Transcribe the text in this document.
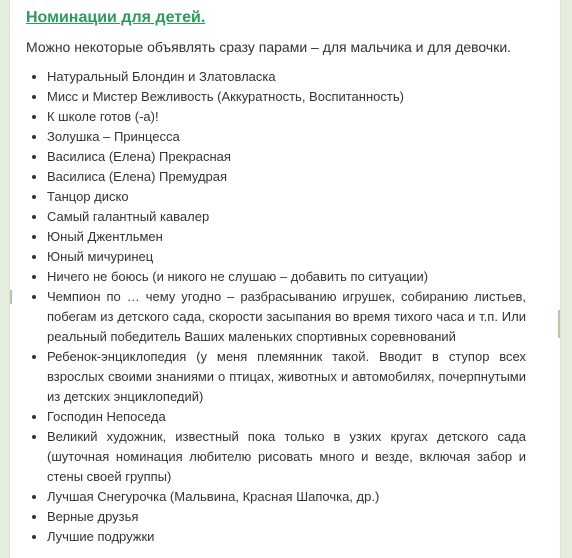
Номинации для детей.

Можно некоторые объявлять сразу парами – для мальчика и для девочки.

Натуральный Блондин и Златовласка
Мисс и Мистер Вежливость (Аккуратность, Воспитанность)
К школе готов (-а)!
Золушка – Принцесса
Василиса (Елена) Прекрасная
Василиса (Елена) Премудрая
Танцор диско
Самый галантный кавалер
Юный Джентльмен
Юный мичуринец
Ничего не боюсь (и никого не слушаю – добавить по ситуации)
Чемпион по … чему угодно – разбрасыванию игрушек, собиранию листьев, побегам из детского сада, скорости засыпания во время тихого часа и т.п. Или реальный победитель Ваших маленьких спортивных соревнований
Ребенок-энциклопедия (у меня племянник такой. Вводит в ступор всех взрослых своими знаниями о птицах, животных и автомобилях, почерпнутыми из детских энциклопедий)
Господин Непоседа
Великий художник, известный пока только в узких кругах детского сада (шуточная номинация любителю рисовать много и везде, включая забор и стены своей группы)
Лучшая Снегурочка (Мальвина, Красная Шапочка, др.)
Верные друзья
Лучшие подружки
